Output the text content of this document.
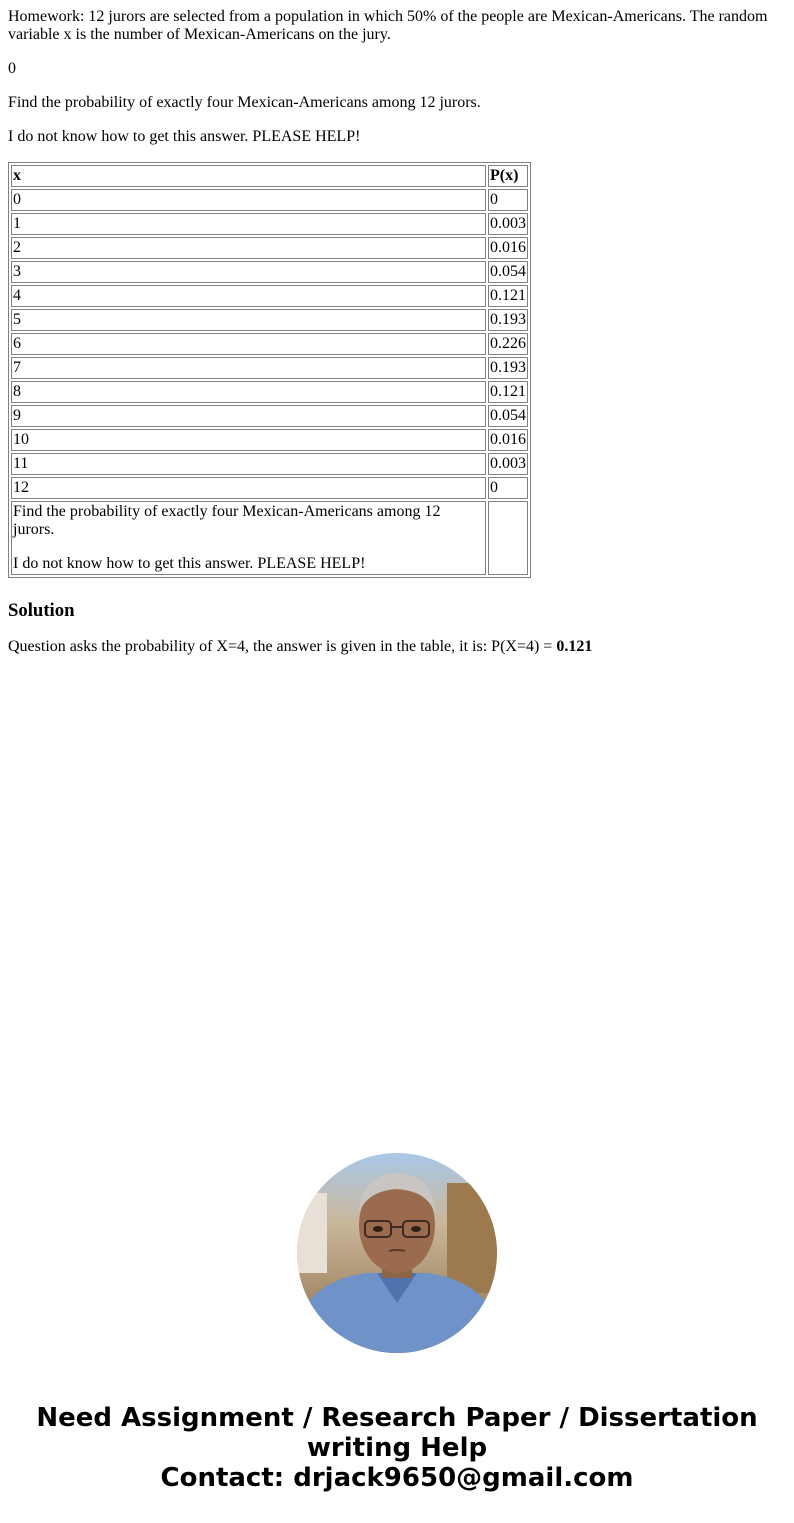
Homework: 12 jurors are selected from a population in which 50% of the people are Mexican-Americans. The random variable x is the number of Mexican-Americans on the jury.

0

Find the probability of exactly four Mexican-Americans among 12 jurors.

I do not know how to get this answer. PLEASE HELP!

x	P(x)
0	0
1	0.003
2	0.016
3	0.054
4	0.121
5	0.193
6	0.226
7	0.193
8	0.121
9	0.054
10	0.016
11	0.003
12	0

Find the probability of exactly four Mexican-Americans among 12 jurors.

I do not know how to get this answer. PLEASE HELP!	

Solution

Question asks the probability of X=4, the answer is given in the table, it is: P(X=4) = 0.121

Need Assignment / Research Paper / Dissertation
writing Help
Contact: drjack9650@gmail.com
